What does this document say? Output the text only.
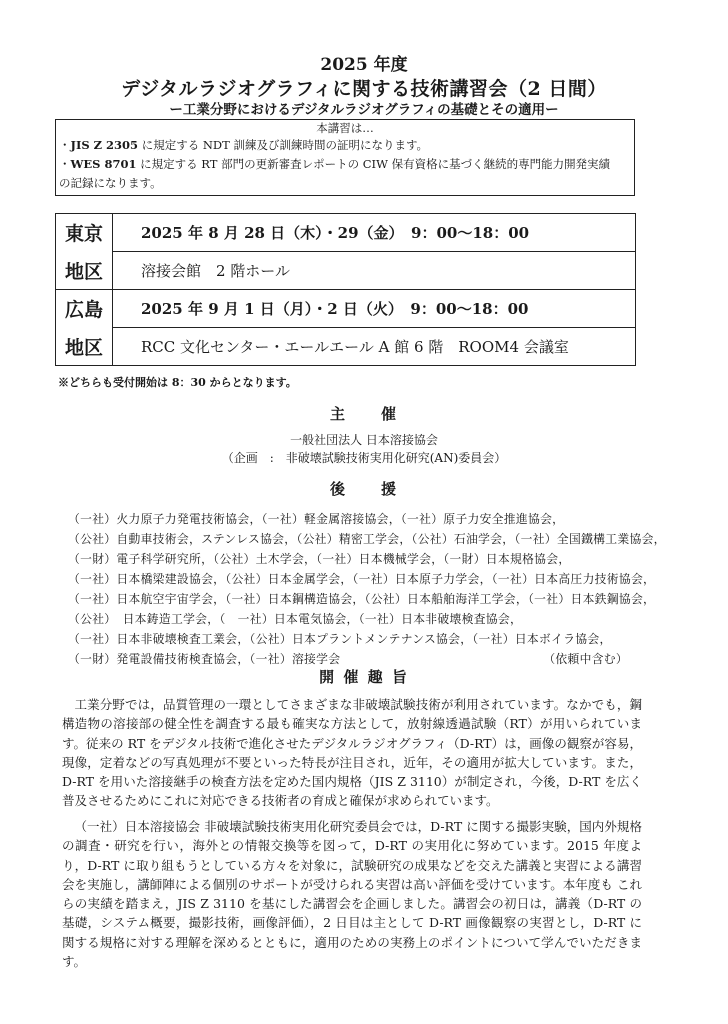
2025 年度
デジタルラジオグラフィに関する技術講習会（2 日間）
ー工業分野におけるデジタルラジオグラフィの基礎とその適用ー
本講習は…
・JIS Z 2305 に規定する NDT 訓練及び訓練時間の証明になります。
・WES 8701 に規定する RT 部門の更新審査レポートの CIW 保有資格に基づく継続的専門能力開発実績
の記録になります。
東京	2025 年 8 月 28 日（木）・29（金）　9：00〜18：00
地区	溶接会館　2 階ホール
広島	2025 年 9 月 1 日（月）・2 日（火）　9：00〜18：00
地区	RCC 文化センター・エールエール A 館 6 階　ROOM4 会議室
※どちらも受付開始は 8：30 からとなります。
主　　催
一般社団法人 日本溶接協会
（企画　:　非破壊試験技術実用化研究(AN)委員会）
後　　援
（一社）火力原子力発電技術協会，（一社）軽金属溶接協会，（一社）原子力安全推進協会，
（公社）自動車技術会，ステンレス協会，（公社）精密工学会，（公社）石油学会，（一社）全国鐵構工業協会，
（一財）電子科学研究所，（公社）土木学会，（一社）日本機械学会，（一財）日本規格協会，
（一社）日本橋梁建設協会，（公社）日本金属学会，（一社）日本原子力学会，（一社）日本高圧力技術協会，
（一社）日本航空宇宙学会，（一社）日本鋼構造協会，（公社）日本船舶海洋工学会，（一社）日本鉄鋼協会，
（公社）　日本鋳造工学会，（　一社）日本電気協会，（一社）日本非破壊検査協会，
（一社）日本非破壊検査工業会，（公社）日本プラントメンテナンス協会，（一社）日本ボイラ協会，
（一財）発電設備技術検査協会，（一社）溶接学会	（依頼中含む）
開 催 趣 旨
工業分野では，品質管理の一環としてさまざまな非破壊試験技術が利用されています。なかでも，鋼構造物の溶接部の健全性を調査する最も確実な方法として，放射線透過試験（RT）が用いられています。従来の RT をデジタル技術で進化させたデジタルラジオグラフィ（D-RT）は，画像の観察が容易，現像，定着などの写真処理が不要といった特長が注目され，近年，その適用が拡大しています。また，D-RT を用いた溶接継手の検査方法を定めた国内規格（JIS Z 3110）が制定され，今後，D-RT を広く普及させるためにこれに対応できる技術者の育成と確保が求められています。
（一社）日本溶接協会 非破壊試験技術実用化研究委員会では，D-RT に関する撮影実験，国内外規格の調査・研究を行い，海外との情報交換等を図って，D-RT の実用化に努めています。2015 年度より，D-RT に取り組もうとしている方々を対象に，試験研究の成果などを交えた講義と実習による講習会を実施し，講師陣による個別のサポートが受けられる実習は高い評価を受けています。本年度も これらの実績を踏まえ，JIS Z 3110 を基にした講習会を企画しました。講習会の初日は，講義（D-RT の基礎，システム概要，撮影技術，画像評価），2 日目は主として D-RT 画像観察の実習とし，D-RT に関する規格に対する理解を深めるとともに，適用のための実務上のポイントについて学んでいただきます。
